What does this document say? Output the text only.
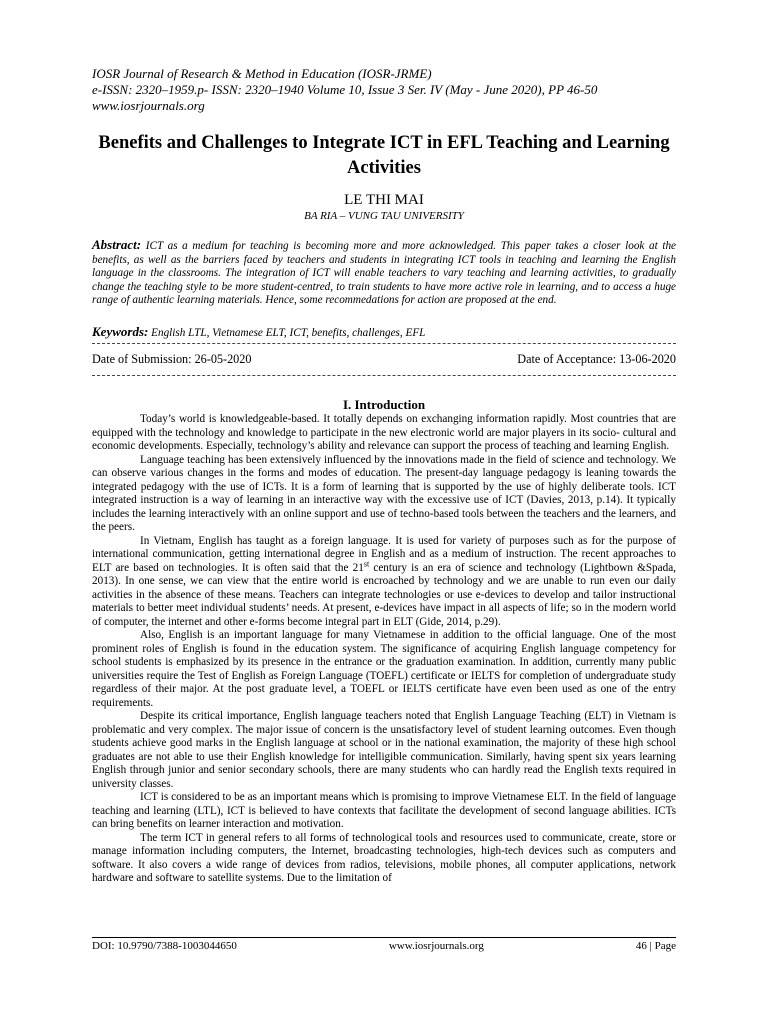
IOSR Journal of Research & Method in Education (IOSR-JRME)
e-ISSN: 2320–1959.p- ISSN: 2320–1940 Volume 10, Issue 3 Ser. IV (May - June 2020), PP 46-50
www.iosrjournals.org
Benefits and Challenges to Integrate ICT in EFL Teaching and Learning Activities
LE THI MAI
BA RIA – VUNG TAU UNIVERSITY
Abstract: ICT as a medium for teaching is becoming more and more acknowledged. This paper takes a closer look at the benefits, as well as the barriers faced by teachers and students in integrating ICT tools in teaching and learning the English language in the classrooms. The integration of ICT will enable teachers to vary teaching and learning activities, to gradually change the teaching style to be more student-centred, to train students to have more active role in learning, and to access a huge range of authentic learning materials. Hence, some recommedations for action are proposed at the end.
Keywords: English LTL, Vietnamese ELT, ICT, benefits, challenges, EFL
Date of Submission: 26-05-2020	Date of Acceptance: 13-06-2020
I. Introduction

Today’s world is knowledgeable-based. It totally depends on exchanging information rapidly. Most countries that are equipped with the technology and knowledge to participate in the new electronic world are major players in its socio- cultural and economic developments. Especially, technology’s ability and relevance can support the process of teaching and learning English.

Language teaching has been extensively influenced by the innovations made in the field of science and technology. We can observe various changes in the forms and modes of education. The present-day language pedagogy is leaning towards the integrated pedagogy with the use of ICTs. It is a form of learning that is supported by the use of highly deliberate tools. ICT integrated instruction is a way of learning in an interactive way with the excessive use of ICT (Davies, 2013, p.14). It typically includes the learning interactively with an online support and use of techno-based tools between the teachers and the learners, and the peers.

In Vietnam, English has taught as a foreign language. It is used for variety of purposes such as for the purpose of international communication, getting international degree in English and as a medium of instruction. The recent approaches to ELT are based on technologies. It is often said that the 21st century is an era of science and technology (Lightbown &Spada, 2013). In one sense, we can view that the entire world is encroached by technology and we are unable to run even our daily activities in the absence of these means. Teachers can integrate technologies or use e-devices to develop and tailor instructional materials to better meet individual students’ needs. At present, e-devices have impact in all aspects of life; so in the modern world of computer, the internet and other e-forms become integral part in ELT (Gide, 2014, p.29).

Also, English is an important language for many Vietnamese in addition to the official language. One of the most prominent roles of English is found in the education system. The significance of acquiring English language competency for school students is emphasized by its presence in the entrance or the graduation examination. In addition, currently many public universities require the Test of English as Foreign Language (TOEFL) certificate or IELTS for completion of undergraduate study regardless of their major. At the post graduate level, a TOEFL or IELTS certificate have even been used as one of the entry requirements.

Despite its critical importance, English language teachers noted that English Language Teaching (ELT) in Vietnam is problematic and very complex. The major issue of concern is the unsatisfactory level of student learning outcomes. Even though students achieve good marks in the English language at school or in the national examination, the majority of these high school graduates are not able to use their English knowledge for intelligible communication. Similarly, having spent six years learning English through junior and senior secondary schools, there are many students who can hardly read the English texts required in university classes.

ICT is considered to be as an important means which is promising to improve Vietnamese ELT. In the field of language teaching and learning (LTL), ICT is believed to have contexts that facilitate the development of second language abilities. ICTs can bring benefits on learner interaction and motivation.

The term ICT in general refers to all forms of technological tools and resources used to communicate, create, store or manage information including computers, the Internet, broadcasting technologies, high-tech devices such as computers and software. It also covers a wide range of devices from radios, televisions, mobile phones, all computer applications, network hardware and software to satellite systems. Due to the limitation of

DOI: 10.9790/7388-1003044650	www.iosrjournals.org	46 | Page
